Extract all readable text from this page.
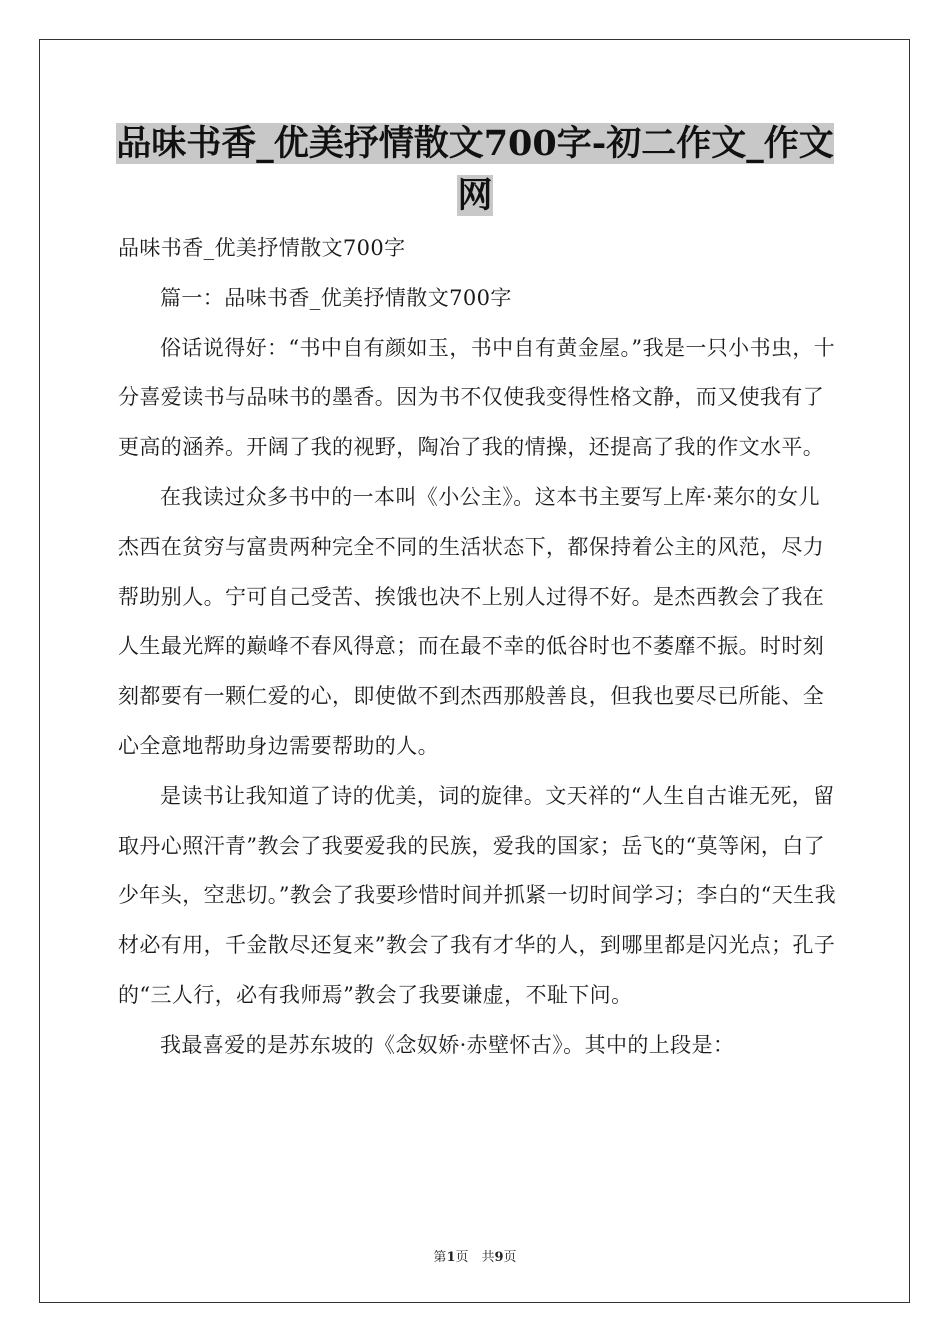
品味书香_优美抒情散文700字-初二作文_作文网

品味书香_优美抒情散文700字

篇一：品味书香_优美抒情散文700字

俗话说得好：“书中自有颜如玉，书中自有黄金屋。”我是一只小书虫，十分喜爱读书与品味书的墨香。因为书不仅使我变得性格文静，而又使我有了更高的涵养。开阔了我的视野，陶冶了我的情操，还提高了我的作文水平。

在我读过众多书中的一本叫《小公主》。这本书主要写上库·莱尔的女儿杰西在贫穷与富贵两种完全不同的生活状态下，都保持着公主的风范，尽力帮助别人。宁可自己受苦、挨饿也决不上别人过得不好。是杰西教会了我在人生最光辉的巅峰不春风得意；而在最不幸的低谷时也不萎靡不振。时时刻刻都要有一颗仁爱的心，即使做不到杰西那般善良，但我也要尽已所能、全心全意地帮助身边需要帮助的人。

是读书让我知道了诗的优美，词的旋律。文天祥的“人生自古谁无死，留取丹心照汗青”教会了我要爱我的民族，爱我的国家；岳飞的“莫等闲，白了少年头，空悲切。”教会了我要珍惜时间并抓紧一切时间学习；李白的“天生我材必有用，千金散尽还复来”教会了我有才华的人，到哪里都是闪光点；孔子的“三人行，必有我师焉”教会了我要谦虚，不耻下问。

我最喜爱的是苏东坡的《念奴娇·赤壁怀古》。其中的上段是：

第1页　共9页
